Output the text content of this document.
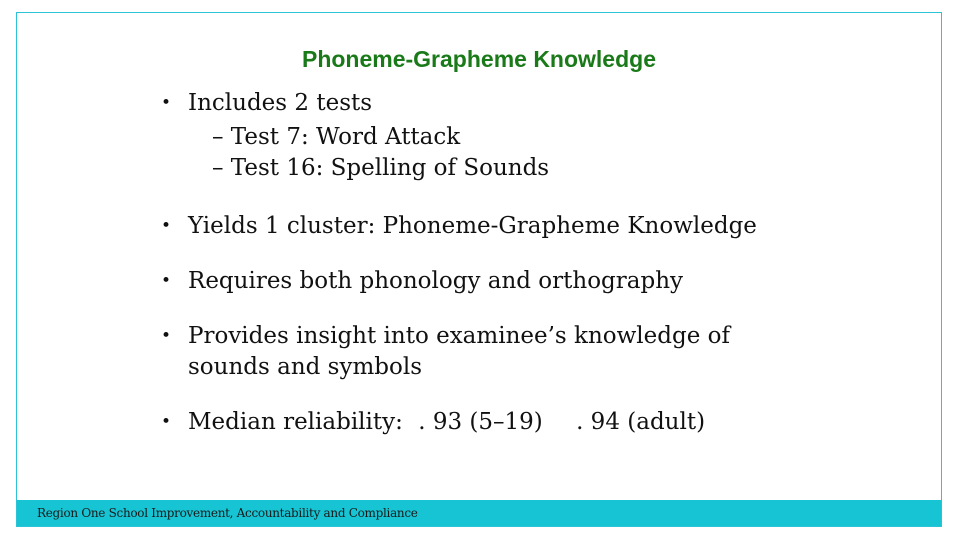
Phoneme-Grapheme Knowledge
• Includes 2 tests
– Test 7: Word Attack
– Test 16: Spelling of Sounds
• Yields 1 cluster: Phoneme-Grapheme Knowledge
• Requires both phonology and orthography
• Provides insight into examinee’s knowledge of
sounds and symbols
• Median reliability: . 93 (5–19) . 94 (adult)
Region One School Improvement, Accountability and Compliance
